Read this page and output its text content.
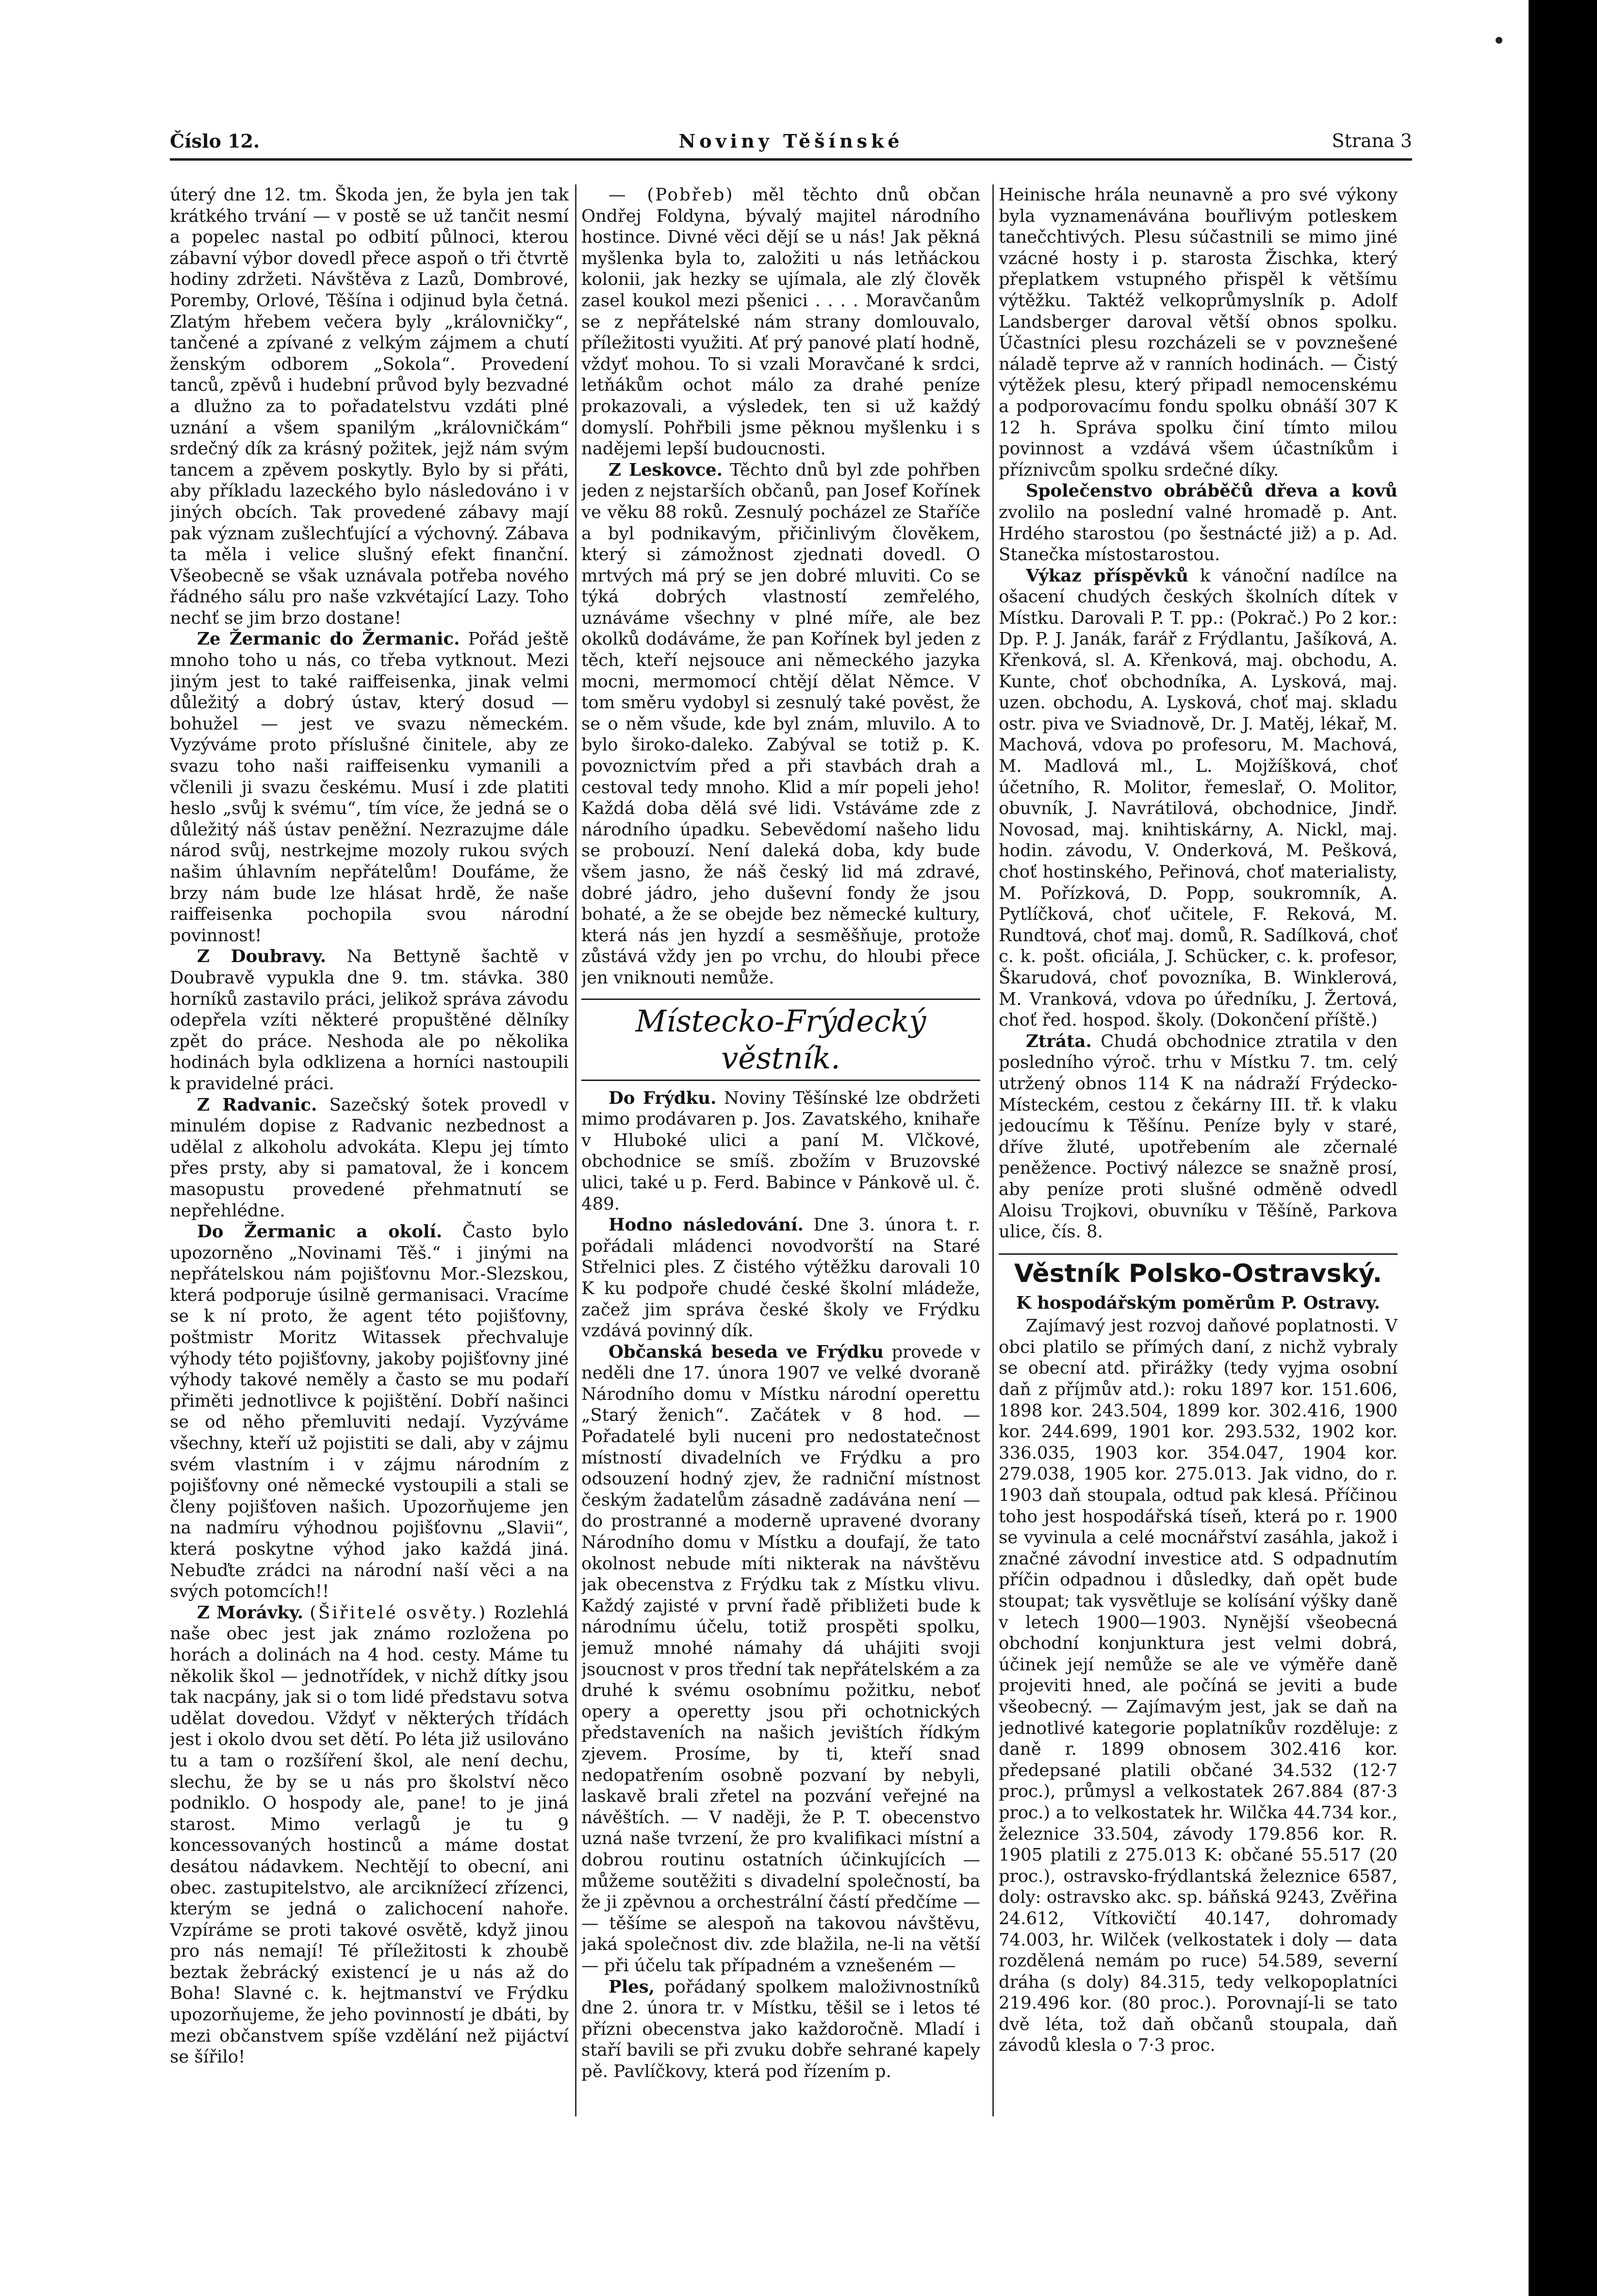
Noviny Těšínské
Číslo 12.	Strana 3

úterý dne 12. tm. Škoda jen, že byla jen tak krátkého trvání — v postě se už tančit nesmí a popelec nastal po odbití půlnoci, kterou zábavní výbor dovedl přece aspoň o tři čtvrtě hodiny zdržeti. Návštěva z Lazů, Dombrové, Poremby, Orlové, Těšína i odjinud byla četná. Zlatým hřebem večera byly „královničky“, tančené a zpívané z velkým zájmem a chutí ženským odborem „Sokola“. Provedení tanců, zpěvů i hudební průvod byly bezvadné a dlužno za to pořadatelstvu vzdáti plné uznání a všem spanilým „královničkám“ srdečný dík za krásný požitek, jejž nám svým tancem a zpěvem poskytly. Bylo by si přáti, aby příkladu lazeckého bylo následováno i v jiných obcích. Tak provedené zábavy mají pak význam zušlechťující a výchovný. Zábava ta měla i velice slušný efekt finanční. Všeobecně se však uznávala potřeba nového řádného sálu pro naše vzkvétající Lazy. Toho nechť se jim brzo dostane!

Ze Žermanic do Žermanic. Pořád ještě mnoho toho u nás, co třeba vytknout. Mezi jiným jest to také raiffeisenka, jinak velmi důležitý a dobrý ústav, který dosud — bohužel — jest ve svazu německém. Vyzýváme proto příslušné činitele, aby ze svazu toho naši raiffeisenku vymanili a včlenili ji svazu českému. Musí i zde platiti heslo „svůj k svému“, tím více, že jedná se o důležitý náš ústav peněžní. Nezrazujme dále národ svůj, nestrkejme mozoly rukou svých našim úhlavním nepřátelům! Doufáme, že brzy nám bude lze hlásat hrdě, že naše raiffeisenka pochopila svou národní povinnost!

Z Doubravy. Na Bettyně šachtě v Doubravě vypukla dne 9. tm. stávka. 380 horníků zastavilo práci, jelikož správa závodu odepřela vzíti některé propuštěné dělníky zpět do práce. Neshoda ale po několika hodinách byla odklizena a horníci nastoupili k pravidelné práci.

Z Radvanic. Sazečský šotek provedl v minulém dopise z Radvanic nezbednost a udělal z alkoholu advokáta. Klepu jej tímto přes prsty, aby si pamatoval, že i koncem masopustu provedené přehmatnutí se nepřehlédne.

Do Žermanic a okolí. Často bylo upozorněno „Novinami Těš.“ i jinými na nepřátelskou nám pojišťovnu Mor.-Slezskou, která podporuje úsilně germanisaci. Vracíme se k ní proto, že agent této pojišťovny, poštmistr Moritz Witassek přechvaluje výhody této pojišťovny, jakoby pojišťovny jiné výhody takové neměly a často se mu podaří přiměti jednotlivce k pojištění. Dobří našinci se od něho přemluviti nedají. Vyzýváme všechny, kteří už pojistiti se dali, aby v zájmu svém vlastním i v zájmu národním z pojišťovny oné německé vystoupili a stali se členy pojišťoven našich. Upozorňujeme jen na nadmíru výhodnou pojišťovnu „Slavii“, která poskytne výhod jako každá jiná. Nebuďte zrádci na národní naší věci a na svých potomcích!!

Z Morávky. (Šiřitelé osvěty.) Rozlehlá naše obec jest jak známo rozložena po horách a dolinách na 4 hod. cesty. Máme tu několik škol — jednotřídek, v nichž dítky jsou tak nacpány, jak si o tom lidé představu sotva udělat dovedou. Vždyť v některých třídách jest i okolo dvou set dětí. Po léta již usilováno tu a tam o rozšíření škol, ale není dechu, slechu, že by se u nás pro školství něco podniklo. O hospody ale, pane! to je jiná starost. Mimo verlagů je tu 9 koncessovaných hostinců a máme dostat desátou nádavkem. Nechtějí to obecní, ani obec. zastupitelstvo, ale arciknížecí zřízenci, kterým se jedná o zalichocení nahoře. Vzpíráme se proti takové osvětě, když jinou pro nás nemají! Té příležitosti k zhoubě beztak žebrácký existencí je u nás až do Boha! Slavné c. k. hejtmanství ve Frýdku upozorňujeme, že jeho povinností je dbáti, by mezi občanstvem spíše vzdělání než pijáctví se šířilo!

— (Pobřeb) měl těchto dnů občan Ondřej Foldyna, bývalý majitel národního hostince. Divné věci dějí se u nás! Jak pěkná myšlenka byla to, založiti u nás letňáckou kolonii, jak hezky se ujímala, ale zlý člověk zasel koukol mezi pšenici . . . . Moravčanům se z nepřátelské nám strany domlouvalo, příležitosti využiti. Ať prý panové platí hodně, vždyť mohou. To si vzali Moravčané k srdci, letňákům ochot málo za drahé peníze prokazovali, a výsledek, ten si už každý domyslí. Pohřbili jsme pěknou myšlenku i s nadějemi lepší budoucnosti.

Z Leskovce. Těchto dnů byl zde pohřben jeden z nejstarších občanů, pan Josef Kořínek ve věku 88 roků. Zesnulý pocházel ze Staříče a byl podnikavým, přičinlivým člověkem, který si zámožnost zjednati dovedl. O mrtvých má prý se jen dobré mluviti. Co se týká dobrých vlastností zemřelého, uznáváme všechny v plné míře, ale bez okolků dodáváme, že pan Kořínek byl jeden z těch, kteří nejsouce ani německého jazyka mocni, mermomocí chtějí dělat Němce. V tom směru vydobyl si zesnulý také pověst, že se o něm všude, kde byl znám, mluvilo. A to bylo široko-daleko. Zabýval se totiž p. K. povoznictvím před a při stavbách drah a cestoval tedy mnoho. Klid a mír popeli jeho! Každá doba dělá své lidi. Vstáváme zde z národního úpadku. Sebevědomí našeho lidu se probouzí. Není daleká doba, kdy bude všem jasno, že náš český lid má zdravé, dobré jádro, jeho duševní fondy že jsou bohaté, a že se obejde bez německé kultury, která nás jen hyzdí a sesměšňuje, protože zůstává vždy jen po vrchu, do hloubi přece jen vniknouti nemůže.

Místecko-Frýdecký věstník.

Do Frýdku. Noviny Těšínské lze obdržeti mimo prodávaren p. Jos. Zavatského, knihaře v Hluboké ulici a paní M. Vlčkové, obchodnice se smíš. zbožím v Bruzovské ulici, také u p. Ferd. Babince v Pánkově ul. č. 489.

Hodno následování. Dne 3. února t. r. pořádali mládenci novodvorští na Staré Střelnici ples. Z čistého výtěžku darovali 10 K ku podpoře chudé české školní mládeže, začež jim správa české školy ve Frýdku vzdává povinný dík.

Občanská beseda ve Frýdku provede v neděli dne 17. února 1907 ve velké dvoraně Národního domu v Místku národní operettu „Starý ženich“. Začátek v 8 hod. — Pořadatelé byli nuceni pro nedostatečnost místností divadelních ve Frýdku a pro odsouzení hodný zjev, že radniční místnost českým žadatelům zásadně zadávána není — do prostranné a moderně upravené dvorany Národního domu v Místku a doufají, že tato okolnost nebude míti nikterak na návštěvu jak obecenstva z Frýdku tak z Místku vlivu. Každý zajisté v první řadě přibližeti bude k národnímu účelu, totiž prospěti spolku, jemuž mnohé námahy dá uhájiti svoji jsoucnost v pros třední tak nepřátelském a za druhé k svému osobnímu požitku, neboť opery a operetty jsou při ochotnických představeních na našich jevištích řídkým zjevem. Prosíme, by ti, kteří snad nedopatřením osobně pozvaní by nebyli, laskavě brali zřetel na pozvání veřejné na návěštích. — V naději, že P. T. obecenstvo uzná naše tvrzení, že pro kvalifikaci místní a dobrou routinu ostatních účinkujících — můžeme soutěžiti s divadelní společností, ba že ji zpěvnou a orchestrální částí předčíme — — těšíme se alespoň na takovou návštěvu, jaká společnost div. zde blažila, ne-li na větší — při účelu tak případném a vznešeném —

Ples, pořádaný spolkem maloživnostníků dne 2. února tr. v Místku, těšil se i letos té přízni obecenstva jako každoročně. Mladí i staří bavili se při zvuku dobře sehrané kapely pě. Pavlíčkovy, která pod řízením p.

Heinische hrála neunavně a pro své výkony byla vyznamenávána bouřlivým potleskem tanečchtivých. Plesu súčastnili se mimo jiné vzácné hosty i p. starosta Žischka, který přeplatkem vstupného přispěl k většímu výtěžku. Taktéž velkoprůmyslník p. Adolf Landsberger daroval větší obnos spolku. Účastníci plesu rozcházeli se v povznešené náladě teprve až v ranních hodinách. — Čistý výtěžek plesu, který připadl nemocenskému a podporovacímu fondu spolku obnáší 307 K 12 h. Správa spolku činí tímto milou povinnost a vzdává všem účastníkům i příznivcům spolku srdečné díky.

Společenstvo obráběčů dřeva a kovů zvolilo na poslední valné hromadě p. Ant. Hrdého starostou (po šestnácté již) a p. Ad. Stanečka místostarostou.

Výkaz příspěvků k vánoční nadílce na ošacení chudých českých školních dítek v Místku. Darovali P. T. pp.: (Pokrač.) Po 2 kor.: Dp. P. J. Janák, farář z Frýdlantu, Jašíková, A. Křenková, sl. A. Křenková, maj. obchodu, A. Kunte, choť obchodníka, A. Lysková, maj. uzen. obchodu, A. Lysková, choť maj. skladu ostr. piva ve Sviadnově, Dr. J. Matěj, lékař, M. Machová, vdova po profesoru, M. Machová, M. Madlová ml., L. Mojžíšková, choť účetního, R. Molitor, řemeslař, O. Molitor, obuvník, J. Navrátilová, obchodnice, Jindř. Novosad, maj. knihtiskárny, A. Nickl, maj. hodin. závodu, V. Onderková, M. Pešková, choť hostinského, Peřinová, choť materialisty, M. Pořízková, D. Popp, soukromník, A. Pytlíčková, choť učitele, F. Reková, M. Rundtová, choť maj. domů, R. Sadílková, choť c. k. pošt. oficiála, J. Schücker, c. k. profesor, Škarudová, choť povozníka, B. Winklerová, M. Vranková, vdova po úředníku, J. Žertová, choť řed. hospod. školy. (Dokončení příště.)

Ztráta. Chudá obchodnice ztratila v den posledního výroč. trhu v Místku 7. tm. celý utržený obnos 114 K na nádraží Frýdecko-Místeckém, cestou z čekárny III. tř. k vlaku jedoucímu k Těšínu. Peníze byly v staré, dříve žluté, upotřebením ale zčernalé peněžence. Poctivý nálezce se snažně prosí, aby peníze proti slušné odměně odvedl Aloisu Trojkovi, obuvníku v Těšíně, Parkova ulice, čís. 8.

Věstník Polsko-Ostravský.

K hospodářským poměrům P. Ostravy.

Zajímavý jest rozvoj daňové poplatnosti. V obci platilo se přímých daní, z nichž vybraly se obecní atd. přirážky (tedy vyjma osobní daň z příjmův atd.): roku 1897 kor. 151.606, 1898 kor. 243.504, 1899 kor. 302.416, 1900 kor. 244.699, 1901 kor. 293.532, 1902 kor. 336.035, 1903 kor. 354.047, 1904 kor. 279.038, 1905 kor. 275.013. Jak vidno, do r. 1903 daň stoupala, odtud pak klesá. Příčinou toho jest hospodářská tíseň, která po r. 1900 se vyvinula a celé mocnářství zasáhla, jakož i značné závodní investice atd. S odpadnutím příčin odpadnou i důsledky, daň opět bude stoupat; tak vysvětluje se kolísání výšky daně v letech 1900—1903. Nynější všeobecná obchodní konjunktura jest velmi dobrá, účinek její nemůže se ale ve výměře daně projeviti hned, ale počíná se jeviti a bude všeobecný. — Zajímavým jest, jak se daň na jednotlivé kategorie poplatníkův rozděluje: z daně r. 1899 obnosem 302.416 kor. předepsané platili občané 34.532 (12·7 proc.), průmysl a velkostatek 267.884 (87·3 proc.) a to velkostatek hr. Wilčka 44.734 kor., železnice 33.504, závody 179.856 kor. R. 1905 platili z 275.013 K: občané 55.517 (20 proc.), ostravsko-frýdlantská železnice 6587, doly: ostravsko akc. sp. báňská 9243, Zvěřina 24.612, Vítkovičtí 40.147, dohromady 74.003, hr. Wilček (velkostatek i doly — data rozdělená nemám po ruce) 54.589, severní dráha (s doly) 84.315, tedy velkopoplatníci 219.496 kor. (80 proc.). Porovnají-li se tato dvě léta, tož daň občanů stoupala, daň závodů klesla o 7·3 proc.
